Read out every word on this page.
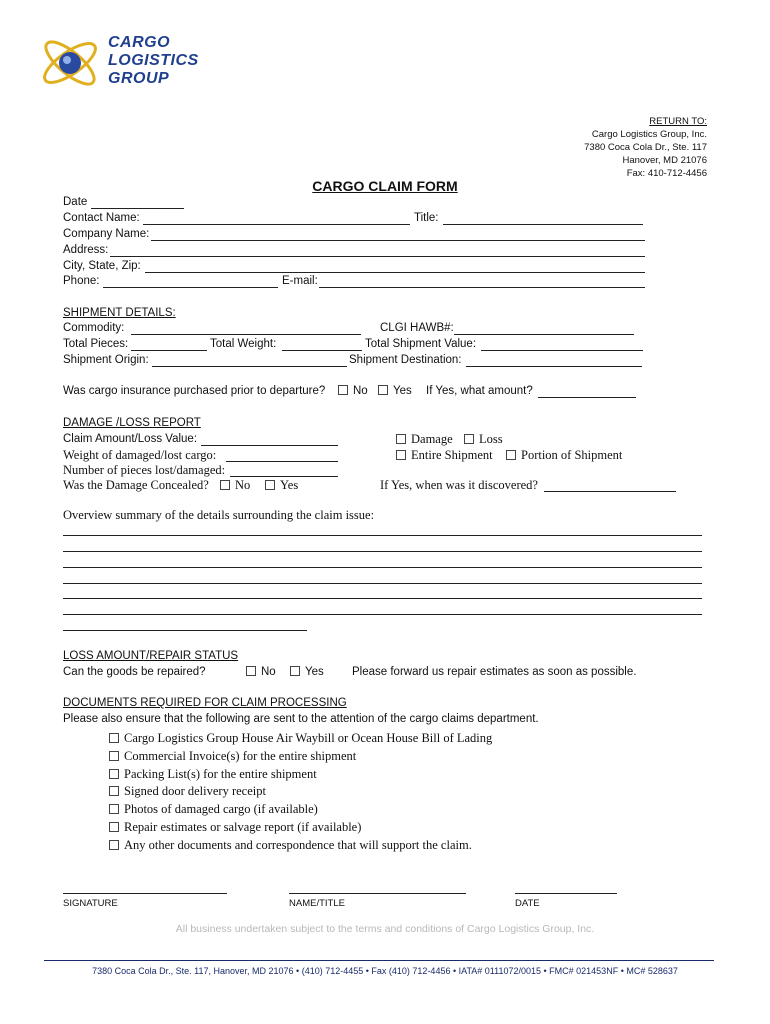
CARGO
LOGISTICS
GROUP
RETURN TO:
Cargo Logistics Group, Inc.
7380 Coca Cola Dr., Ste. 117
Hanover, MD 21076
Fax: 410-712-4456
CARGO CLAIM FORM
Date
Contact Name:	Title:
Company Name:
Address:
City, State, Zip:
Phone:	E-mail:
SHIPMENT DETAILS:
Commodity:	CLGI HAWB#:
Total Pieces:	Total Weight:	Total Shipment Value:
Shipment Origin:	Shipment Destination:
Was cargo insurance purchased prior to departure?	No	Yes If Yes, what amount?
DAMAGE /LOSS REPORT
Claim Amount/Loss Value:	Damage	Loss
Weight of damaged/lost cargo:	Entire Shipment	Portion of Shipment
Number of pieces lost/damaged:
Was the Damage Concealed?	No	Yes	If Yes, when was it discovered?
Overview summary of the details surrounding the claim issue:
LOSS AMOUNT/REPAIR STATUS
Can the goods be repaired?	No	Yes Please forward us repair estimates as soon as possible.
DOCUMENTS REQUIRED FOR CLAIM PROCESSING
Please also ensure that the following are sent to the attention of the cargo claims department.
Cargo Logistics Group House Air Waybill or Ocean House Bill of Lading
Commercial Invoice(s) for the entire shipment
Packing List(s) for the entire shipment
Signed door delivery receipt
Photos of damaged cargo (if available)
Repair estimates or salvage report (if available)
Any other documents and correspondence that will support the claim.
SIGNATURE	NAME/TITLE	DATE
All business undertaken subject to the terms and conditions of Cargo Logistics Group, Inc.
7380 Coca Cola Dr., Ste. 117, Hanover, MD 21076 • (410) 712-4455 • Fax (410) 712-4456 • IATA# 0111072/0015 • FMC# 021453NF • MC# 528637
